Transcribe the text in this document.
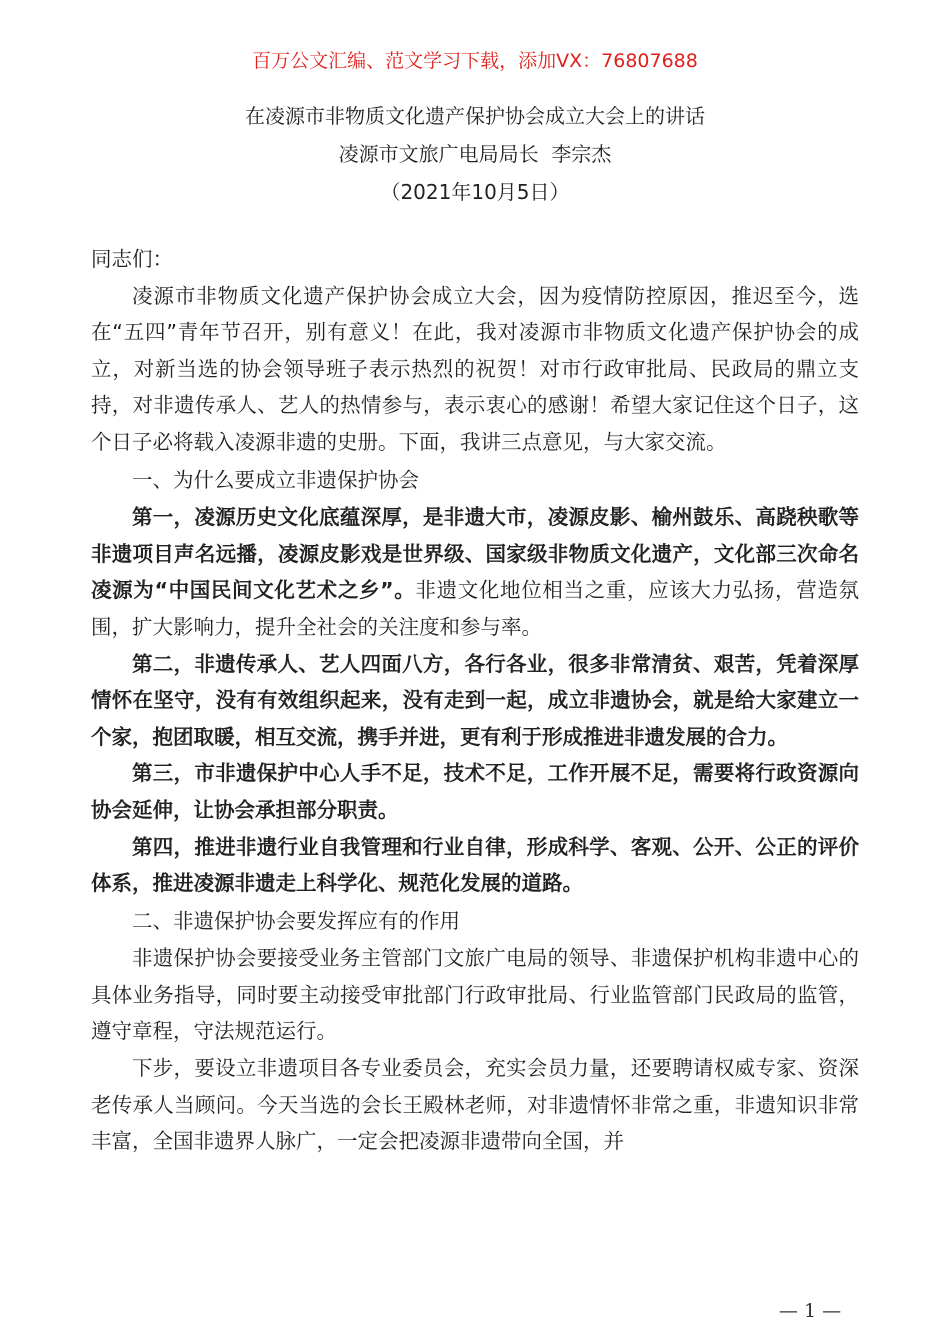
百万公文汇编、范文学习下载，添加VX：76807688
在凌源市非物质文化遗产保护协会成立大会上的讲话
凌源市文旅广电局局长  李宗杰
（2021年10月5日）

同志们：

凌源市非物质文化遗产保护协会成立大会，因为疫情防控原因，推迟至今，选在“五四”青年节召开，别有意义！在此，我对凌源市非物质文化遗产保护协会的成立，对新当选的协会领导班子表示热烈的祝贺！对市行政审批局、民政局的鼎立支持，对非遗传承人、艺人的热情参与，表示衷心的感谢！希望大家记住这个日子，这个日子必将载入凌源非遗的史册。下面，我讲三点意见，与大家交流。

一、为什么要成立非遗保护协会

第一，凌源历史文化底蕴深厚，是非遗大市，凌源皮影、榆州鼓乐、高跷秧歌等非遗项目声名远播，凌源皮影戏是世界级、国家级非物质文化遗产，文化部三次命名凌源为“中国民间文化艺术之乡”。非遗文化地位相当之重，应该大力弘扬，营造氛围，扩大影响力，提升全社会的关注度和参与率。

第二，非遗传承人、艺人四面八方，各行各业，很多非常清贫、艰苦，凭着深厚情怀在坚守，没有有效组织起来，没有走到一起，成立非遗协会，就是给大家建立一个家，抱团取暖，相互交流，携手并进，更有利于形成推进非遗发展的合力。

第三，市非遗保护中心人手不足，技术不足，工作开展不足，需要将行政资源向协会延伸，让协会承担部分职责。

第四，推进非遗行业自我管理和行业自律，形成科学、客观、公开、公正的评价体系，推进凌源非遗走上科学化、规范化发展的道路。

二、非遗保护协会要发挥应有的作用

非遗保护协会要接受业务主管部门文旅广电局的领导、非遗保护机构非遗中心的具体业务指导，同时要主动接受审批部门行政审批局、行业监管部门民政局的监管，遵守章程，守法规范运行。

下步，要设立非遗项目各专业委员会，充实会员力量，还要聘请权威专家、资深老传承人当顾问。今天当选的会长王殿林老师，对非遗情怀非常之重，非遗知识非常丰富，全国非遗界人脉广，一定会把凌源非遗带向全国，并

— 1 —
